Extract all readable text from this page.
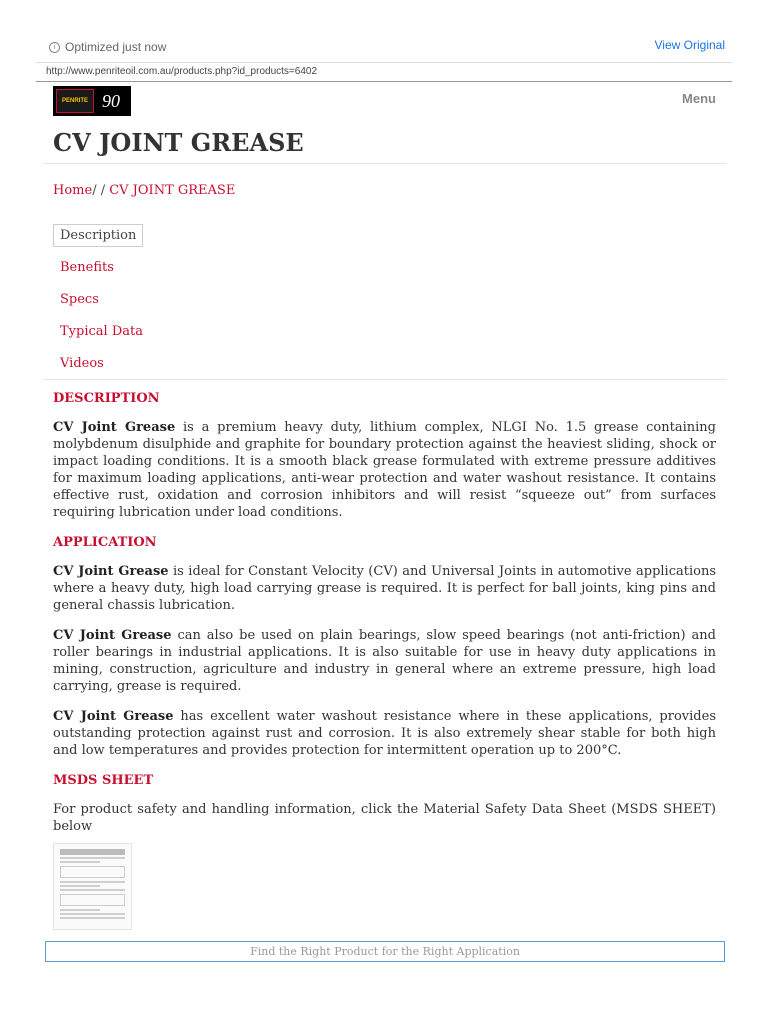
i Optimized just now	View Original
http://www.penriteoil.com.au/products.php?id_products=6402
PENRITE 90	Menu
CV JOINT GREASE
Home/ / CV JOINT GREASE
Description
Benefits
Specs
Typical Data
Videos
DESCRIPTION

CV Joint Grease is a premium heavy duty, lithium complex, NLGI No. 1.5 grease containing molybdenum disulphide and graphite for boundary protection against the heaviest sliding, shock or impact loading conditions. It is a smooth black grease formulated with extreme pressure additives for maximum loading applications, anti-wear protection and water washout resistance. It contains effective rust, oxidation and corrosion inhibitors and will resist “squeeze out” from surfaces requiring lubrication under load conditions.

APPLICATION

CV Joint Grease is ideal for Constant Velocity (CV) and Universal Joints in automotive applications where a heavy duty, high load carrying grease is required. It is perfect for ball joints, king pins and general chassis lubrication.

CV Joint Grease can also be used on plain bearings, slow speed bearings (not anti-friction) and roller bearings in industrial applications. It is also suitable for use in heavy duty applications in mining, construction, agriculture and industry in general where an extreme pressure, high load carrying, grease is required.

CV Joint Grease has excellent water washout resistance where in these applications, provides outstanding protection against rust and corrosion. It is also extremely shear stable for both high and low temperatures and provides protection for intermittent operation up to 200°C.

MSDS SHEET

For product safety and handling information, click the Material Safety Data Sheet (MSDS SHEET) below

Find the Right Product for the Right Application
